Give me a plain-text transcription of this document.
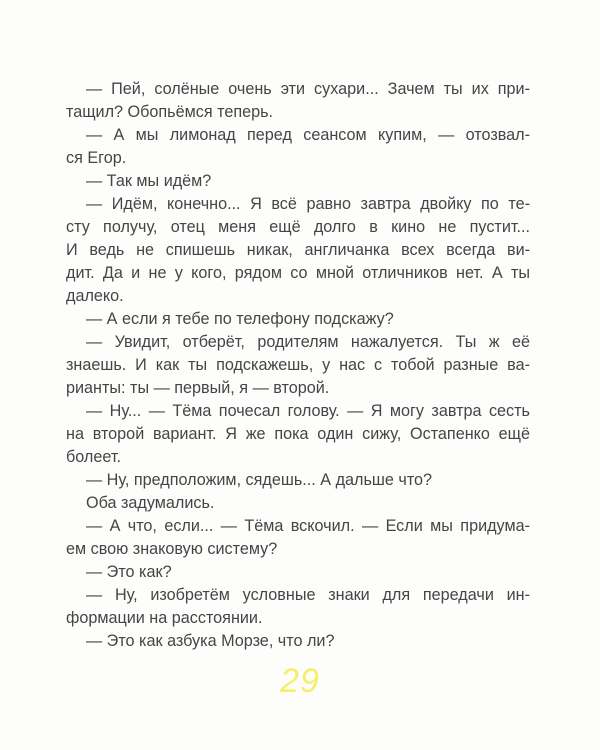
— Пей, солёные очень эти сухари... Зачем ты их при-
тащил? Обопьёмся теперь.
— А мы лимонад перед сеансом купим, — отозвал-
ся Егор.
— Так мы идём?
— Идём, конечно... Я всё равно завтра двойку по те-
сту получу, отец меня ещё долго в кино не пустит...
И ведь не спишешь никак, англичанка всех всегда ви-
дит. Да и не у кого, рядом со мной отличников нет. А ты
далеко.
— А если я тебе по телефону подскажу?
— Увидит, отберёт, родителям нажалуется. Ты ж её
знаешь. И как ты подскажешь, у нас с тобой разные ва-
рианты: ты — первый, я — второй.
— Ну... — Тёма почесал голову. — Я могу завтра сесть
на второй вариант. Я же пока один сижу, Остапенко ещё
болеет.
— Ну, предположим, сядешь... А дальше что?
Оба задумались.
— А что, если... — Тёма вскочил. — Если мы придума-
ем свою знаковую систему?
— Это как?
— Ну, изобретём условные знаки для передачи ин-
формации на расстоянии.
— Это как азбука Морзе, что ли?
29
